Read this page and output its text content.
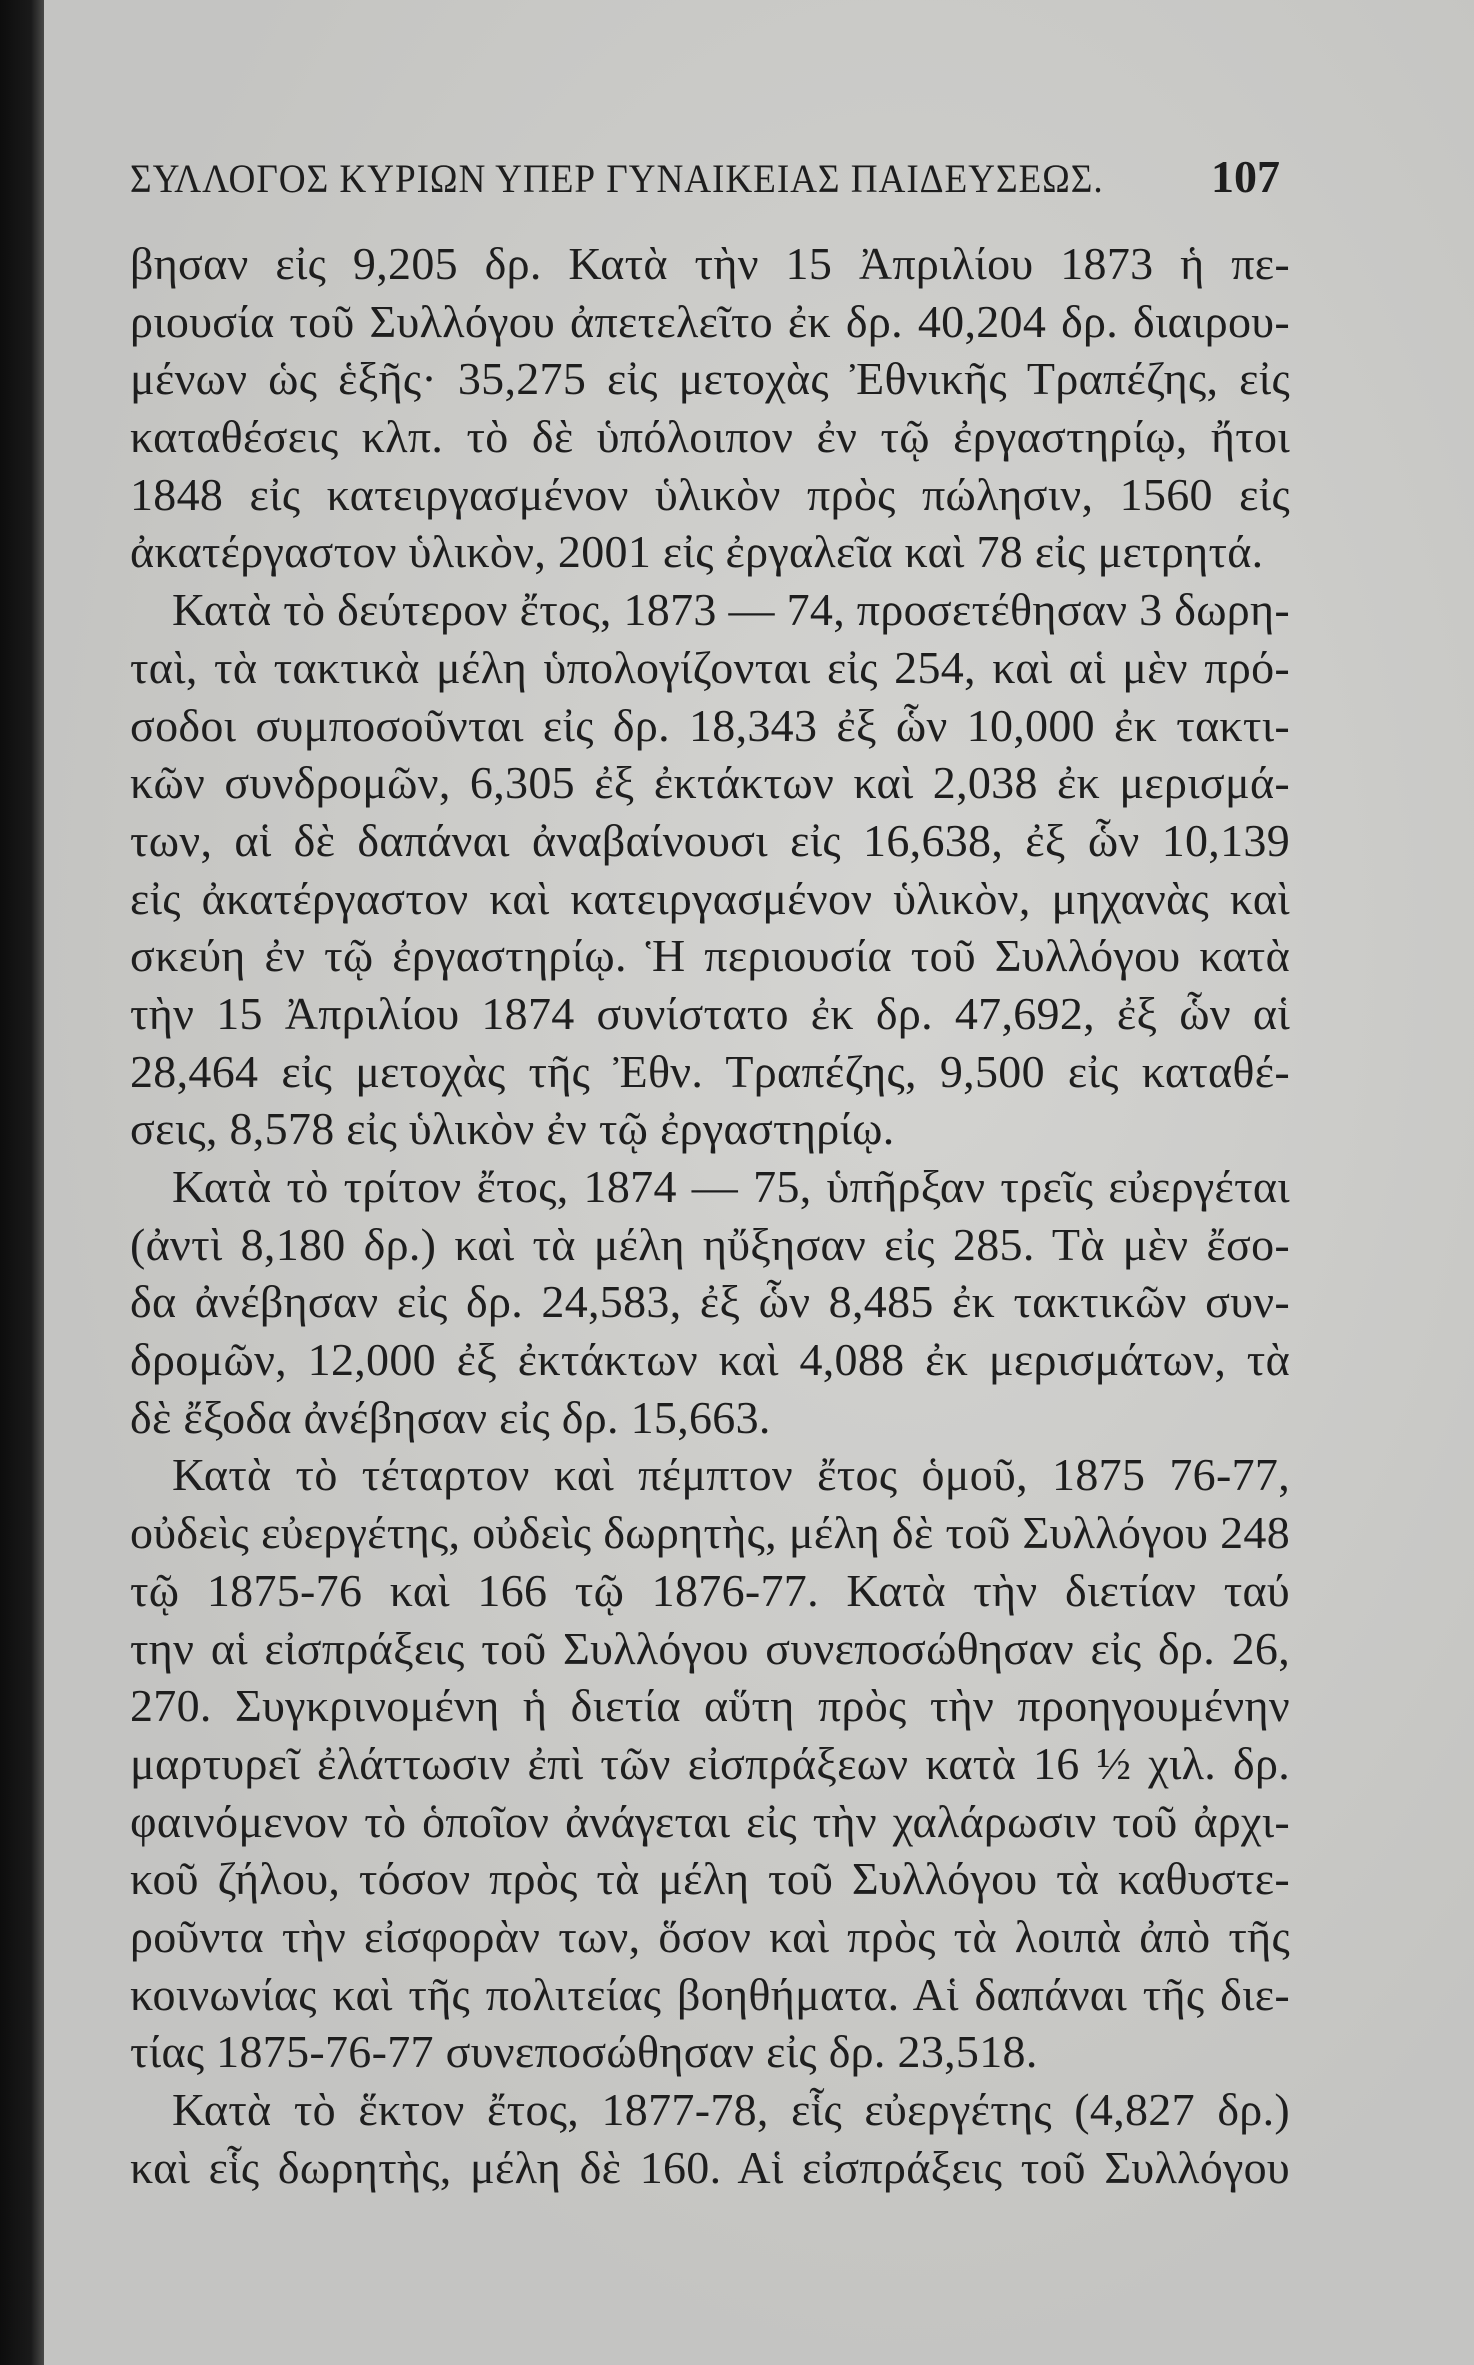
ΣΥΛΛΟΓΟΣ ΚΥΡΙΩΝ ΥΠΕΡ ΓΥΝΑΙΚΕΙΑΣ ΠΑΙΔΕΥΣΕΩΣ. 107
βησαν εἰς 9,205 δρ. Κατὰ τὴν 15 Ἀπριλίου 1873 ἡ πε-
ριουσία τοῦ Συλλόγου ἀπετελεῖτο ἐκ δρ. 40,204 δρ. διαιρου-
μένων ὡς ἑξῆς· 35,275 εἰς μετοχὰς Ἐθνικῆς Τραπέζης, εἰς
καταθέσεις κλπ. τὸ δὲ ὑπόλοιπον ἐν τῷ ἐργαστηρίῳ, ἤτοι
1848 εἰς κατειργασμένον ὑλικὸν πρὸς πώλησιν, 1560 εἰς
ἀκατέργαστον ὑλικὸν, 2001 εἰς ἐργαλεῖα καὶ 78 εἰς μετρητά.
Κατὰ τὸ δεύτερον ἔτος, 1873 — 74, προσετέθησαν 3 δωρη-
ταὶ, τὰ τακτικὰ μέλη ὑπολογίζονται εἰς 254, καὶ αἱ μὲν πρό-
σοδοι συμποσοῦνται εἰς δρ. 18,343 ἐξ ὧν 10,000 ἐκ τακτι-
κῶν συνδρομῶν, 6,305 ἐξ ἐκτάκτων καὶ 2,038 ἐκ μερισμά-
των, αἱ δὲ δαπάναι ἀναβαίνουσι εἰς 16,638, ἐξ ὧν 10,139
εἰς ἀκατέργαστον καὶ κατειργασμένον ὑλικὸν, μηχανὰς καὶ
σκεύη ἐν τῷ ἐργαστηρίῳ. Ἡ περιουσία τοῦ Συλλόγου κατὰ
τὴν 15 Ἀπριλίου 1874 συνίστατο ἐκ δρ. 47,692, ἐξ ὧν αἱ
28,464 εἰς μετοχὰς τῆς Ἐθν. Τραπέζης, 9,500 εἰς καταθέ-
σεις, 8,578 εἰς ὑλικὸν ἐν τῷ ἐργαστηρίῳ.
Κατὰ τὸ τρίτον ἔτος, 1874 — 75, ὑπῆρξαν τρεῖς εὐεργέται
(ἀντὶ 8,180 δρ.) καὶ τὰ μέλη ηὔξησαν εἰς 285. Τὰ μὲν ἔσο-
δα ἀνέβησαν εἰς δρ. 24,583, ἐξ ὧν 8,485 ἐκ τακτικῶν συν-
δρομῶν, 12,000 ἐξ ἐκτάκτων καὶ 4,088 ἐκ μερισμάτων, τὰ
δὲ ἔξοδα ἀνέβησαν εἰς δρ. 15,663.
Κατὰ τὸ τέταρτον καὶ πέμπτον ἔτος ὁμοῦ, 1875 76-77,
οὐδεὶς εὐεργέτης, οὐδεὶς δωρητὴς, μέλη δὲ τοῦ Συλλόγου 248
τῷ 1875-76 καὶ 166 τῷ 1876-77. Κατὰ τὴν διετίαν ταύ
την αἱ εἰσπράξεις τοῦ Συλλόγου συνεποσώθησαν εἰς δρ. 26,
270. Συγκρινομένη ἡ διετία αὕτη πρὸς τὴν προηγουμένην
μαρτυρεῖ ἐλάττωσιν ἐπὶ τῶν εἰσπράξεων κατὰ 16 ½ χιλ. δρ.
φαινόμενον τὸ ὁποῖον ἀνάγεται εἰς τὴν χαλάρωσιν τοῦ ἀρχι-
κοῦ ζήλου, τόσον πρὸς τὰ μέλη τοῦ Συλλόγου τὰ καθυστε-
ροῦντα τὴν εἰσφορὰν των, ὅσον καὶ πρὸς τὰ λοιπὰ ἀπὸ τῆς
κοινωνίας καὶ τῆς πολιτείας βοηθήματα. Αἱ δαπάναι τῆς διε-
τίας 1875-76-77 συνεποσώθησαν εἰς δρ. 23,518.
Κατὰ τὸ ἕκτον ἔτος, 1877-78, εἷς εὐεργέτης (4,827 δρ.)
καὶ εἷς δωρητὴς, μέλη δὲ 160. Αἱ εἰσπράξεις τοῦ Συλλόγου
